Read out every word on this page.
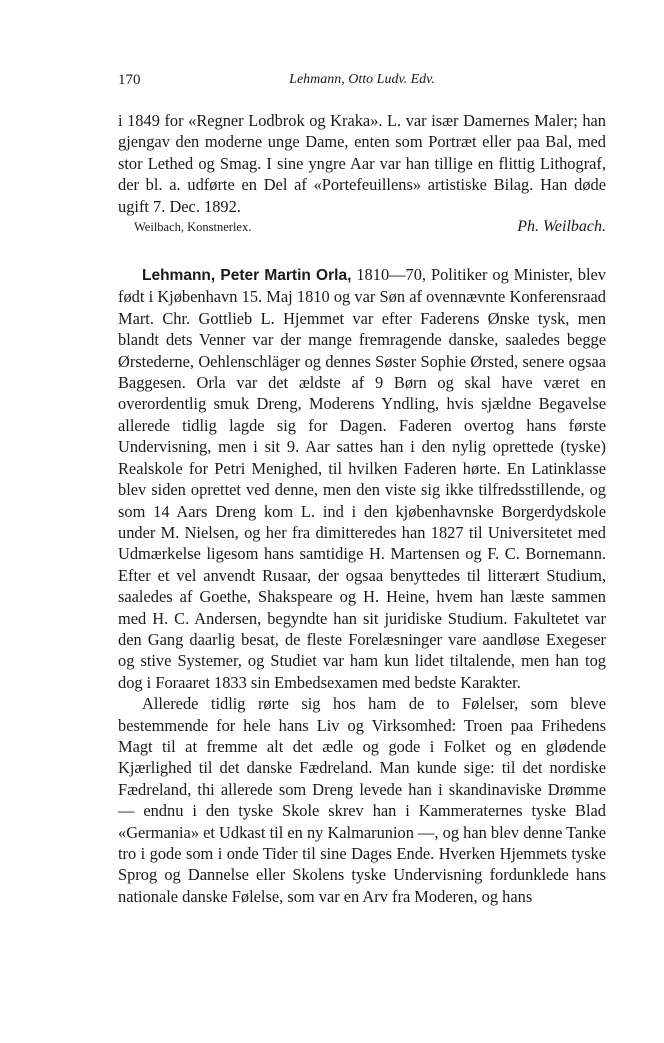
170	Lehmann, Otto Ludv. Edv.

i 1849 for «Regner Lodbrok og Kraka». L. var især Damernes Maler; han gjengav den moderne unge Dame, enten som Portræt eller paa Bal, med stor Lethed og Smag. I sine yngre Aar var han tillige en flittig Lithograf, der bl. a. udførte en Del af «Portefeuillens» artistiske Bilag. Han døde ugift 7. Dec. 1892.

Weilbach, Konstnerlex.	Ph. Weilbach.

Lehmann, Peter Martin Orla, 1810—70, Politiker og Minister, blev født i Kjøbenhavn 15. Maj 1810 og var Søn af ovennævnte Konferensraad Mart. Chr. Gottlieb L. Hjemmet var efter Faderens Ønske tysk, men blandt dets Venner var der mange fremragende danske, saaledes begge Ørstederne, Oehlenschläger og dennes Søster Sophie Ørsted, senere ogsaa Baggesen. Orla var det ældste af 9 Børn og skal have været en overordentlig smuk Dreng, Moderens Yndling, hvis sjældne Begavelse allerede tidlig lagde sig for Dagen. Faderen overtog hans første Undervisning, men i sit 9. Aar sattes han i den nylig oprettede (tyske) Realskole for Petri Menighed, til hvilken Faderen hørte. En Latinklasse blev siden oprettet ved denne, men den viste sig ikke tilfredsstillende, og som 14 Aars Dreng kom L. ind i den kjøbenhavnske Borgerdydskole under M. Nielsen, og her fra dimitteredes han 1827 til Universitetet med Udmærkelse ligesom hans samtidige H. Martensen og F. C. Bornemann. Efter et vel anvendt Rusaar, der ogsaa benyttedes til litterært Studium, saaledes af Goethe, Shakspeare og H. Heine, hvem han læste sammen med H. C. Andersen, begyndte han sit juridiske Studium. Fakultetet var den Gang daarlig besat, de fleste Forelæsninger vare aandløse Exegeser og stive Systemer, og Studiet var ham kun lidet tiltalende, men han tog dog i Foraaret 1833 sin Embedsexamen med bedste Karakter.

Allerede tidlig rørte sig hos ham de to Følelser, som bleve bestemmende for hele hans Liv og Virksomhed: Troen paa Frihedens Magt til at fremme alt det ædle og gode i Folket og en glødende Kjærlighed til det danske Fædreland. Man kunde sige: til det nordiske Fædreland, thi allerede som Dreng levede han i skandinaviske Drømme — endnu i den tyske Skole skrev han i Kammeraternes tyske Blad «Germania» et Udkast til en ny Kalmarunion —, og han blev denne Tanke tro i gode som i onde Tider til sine Dages Ende. Hverken Hjemmets tyske Sprog og Dannelse eller Skolens tyske Undervisning fordunklede hans nationale danske Følelse, som var en Arv fra Moderen, og hans
